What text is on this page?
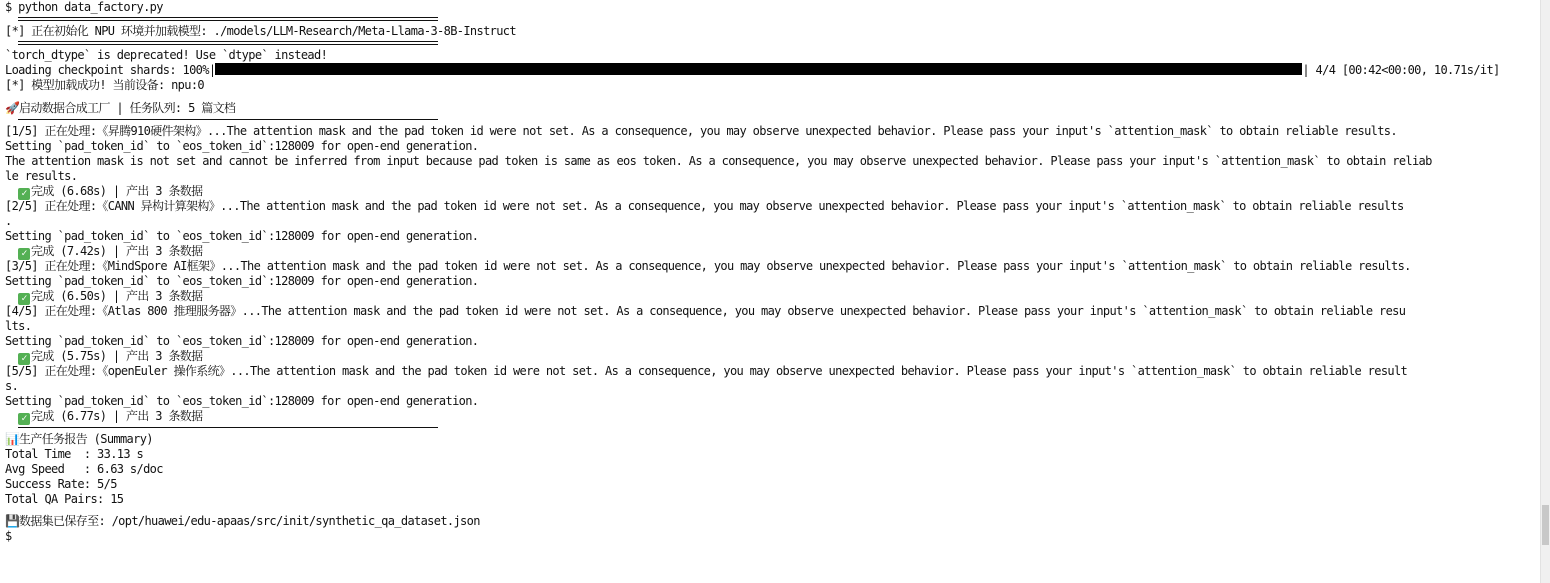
$ python data_factory.py
[*] 正在初始化 NPU 环境并加载模型: ./models/LLM-Research/Meta-Llama-3-8B-Instruct
`torch_dtype` is deprecated! Use `dtype` instead!
Loading checkpoint shards: 100%|	| 4/4 [00:42<00:00, 10.71s/it]
[*] 模型加载成功! 当前设备: npu:0
🚀启动数据合成工厂 | 任务队列: 5 篇文档
[1/5] 正在处理:《昇腾910硬件架构》...The attention mask and the pad token id were not set. As a consequence, you may observe unexpected behavior. Please pass your input's `attention_mask` to obtain reliable results.
Setting `pad_token_id` to `eos_token_id`:128009 for open-end generation.
The attention mask is not set and cannot be inferred from input because pad token is same as eos token. As a consequence, you may observe unexpected behavior. Please pass your input's `attention_mask` to obtain reliab
le results.
✓ 完成 (6.68s) | 产出 3 条数据
[2/5] 正在处理:《CANN 异构计算架构》...The attention mask and the pad token id were not set. As a consequence, you may observe unexpected behavior. Please pass your input's `attention_mask` to obtain reliable results
.
Setting `pad_token_id` to `eos_token_id`:128009 for open-end generation.
✓ 完成 (7.42s) | 产出 3 条数据
[3/5] 正在处理:《MindSpore AI框架》...The attention mask and the pad token id were not set. As a consequence, you may observe unexpected behavior. Please pass your input's `attention_mask` to obtain reliable results.
Setting `pad_token_id` to `eos_token_id`:128009 for open-end generation.
✓ 完成 (6.50s) | 产出 3 条数据
[4/5] 正在处理:《Atlas 800 推理服务器》...The attention mask and the pad token id were not set. As a consequence, you may observe unexpected behavior. Please pass your input's `attention_mask` to obtain reliable resu
lts.
Setting `pad_token_id` to `eos_token_id`:128009 for open-end generation.
✓ 完成 (5.75s) | 产出 3 条数据
[5/5] 正在处理:《openEuler 操作系统》...The attention mask and the pad token id were not set. As a consequence, you may observe unexpected behavior. Please pass your input's `attention_mask` to obtain reliable result
s.
Setting `pad_token_id` to `eos_token_id`:128009 for open-end generation.
✓ 完成 (6.77s) | 产出 3 条数据
📊生产任务报告 (Summary)
Total Time  : 33.13 s
Avg Speed   : 6.63 s/doc
Success Rate: 5/5
Total QA Pairs: 15
💾数据集已保存至: /opt/huawei/edu-apaas/src/init/synthetic_qa_dataset.json
$
